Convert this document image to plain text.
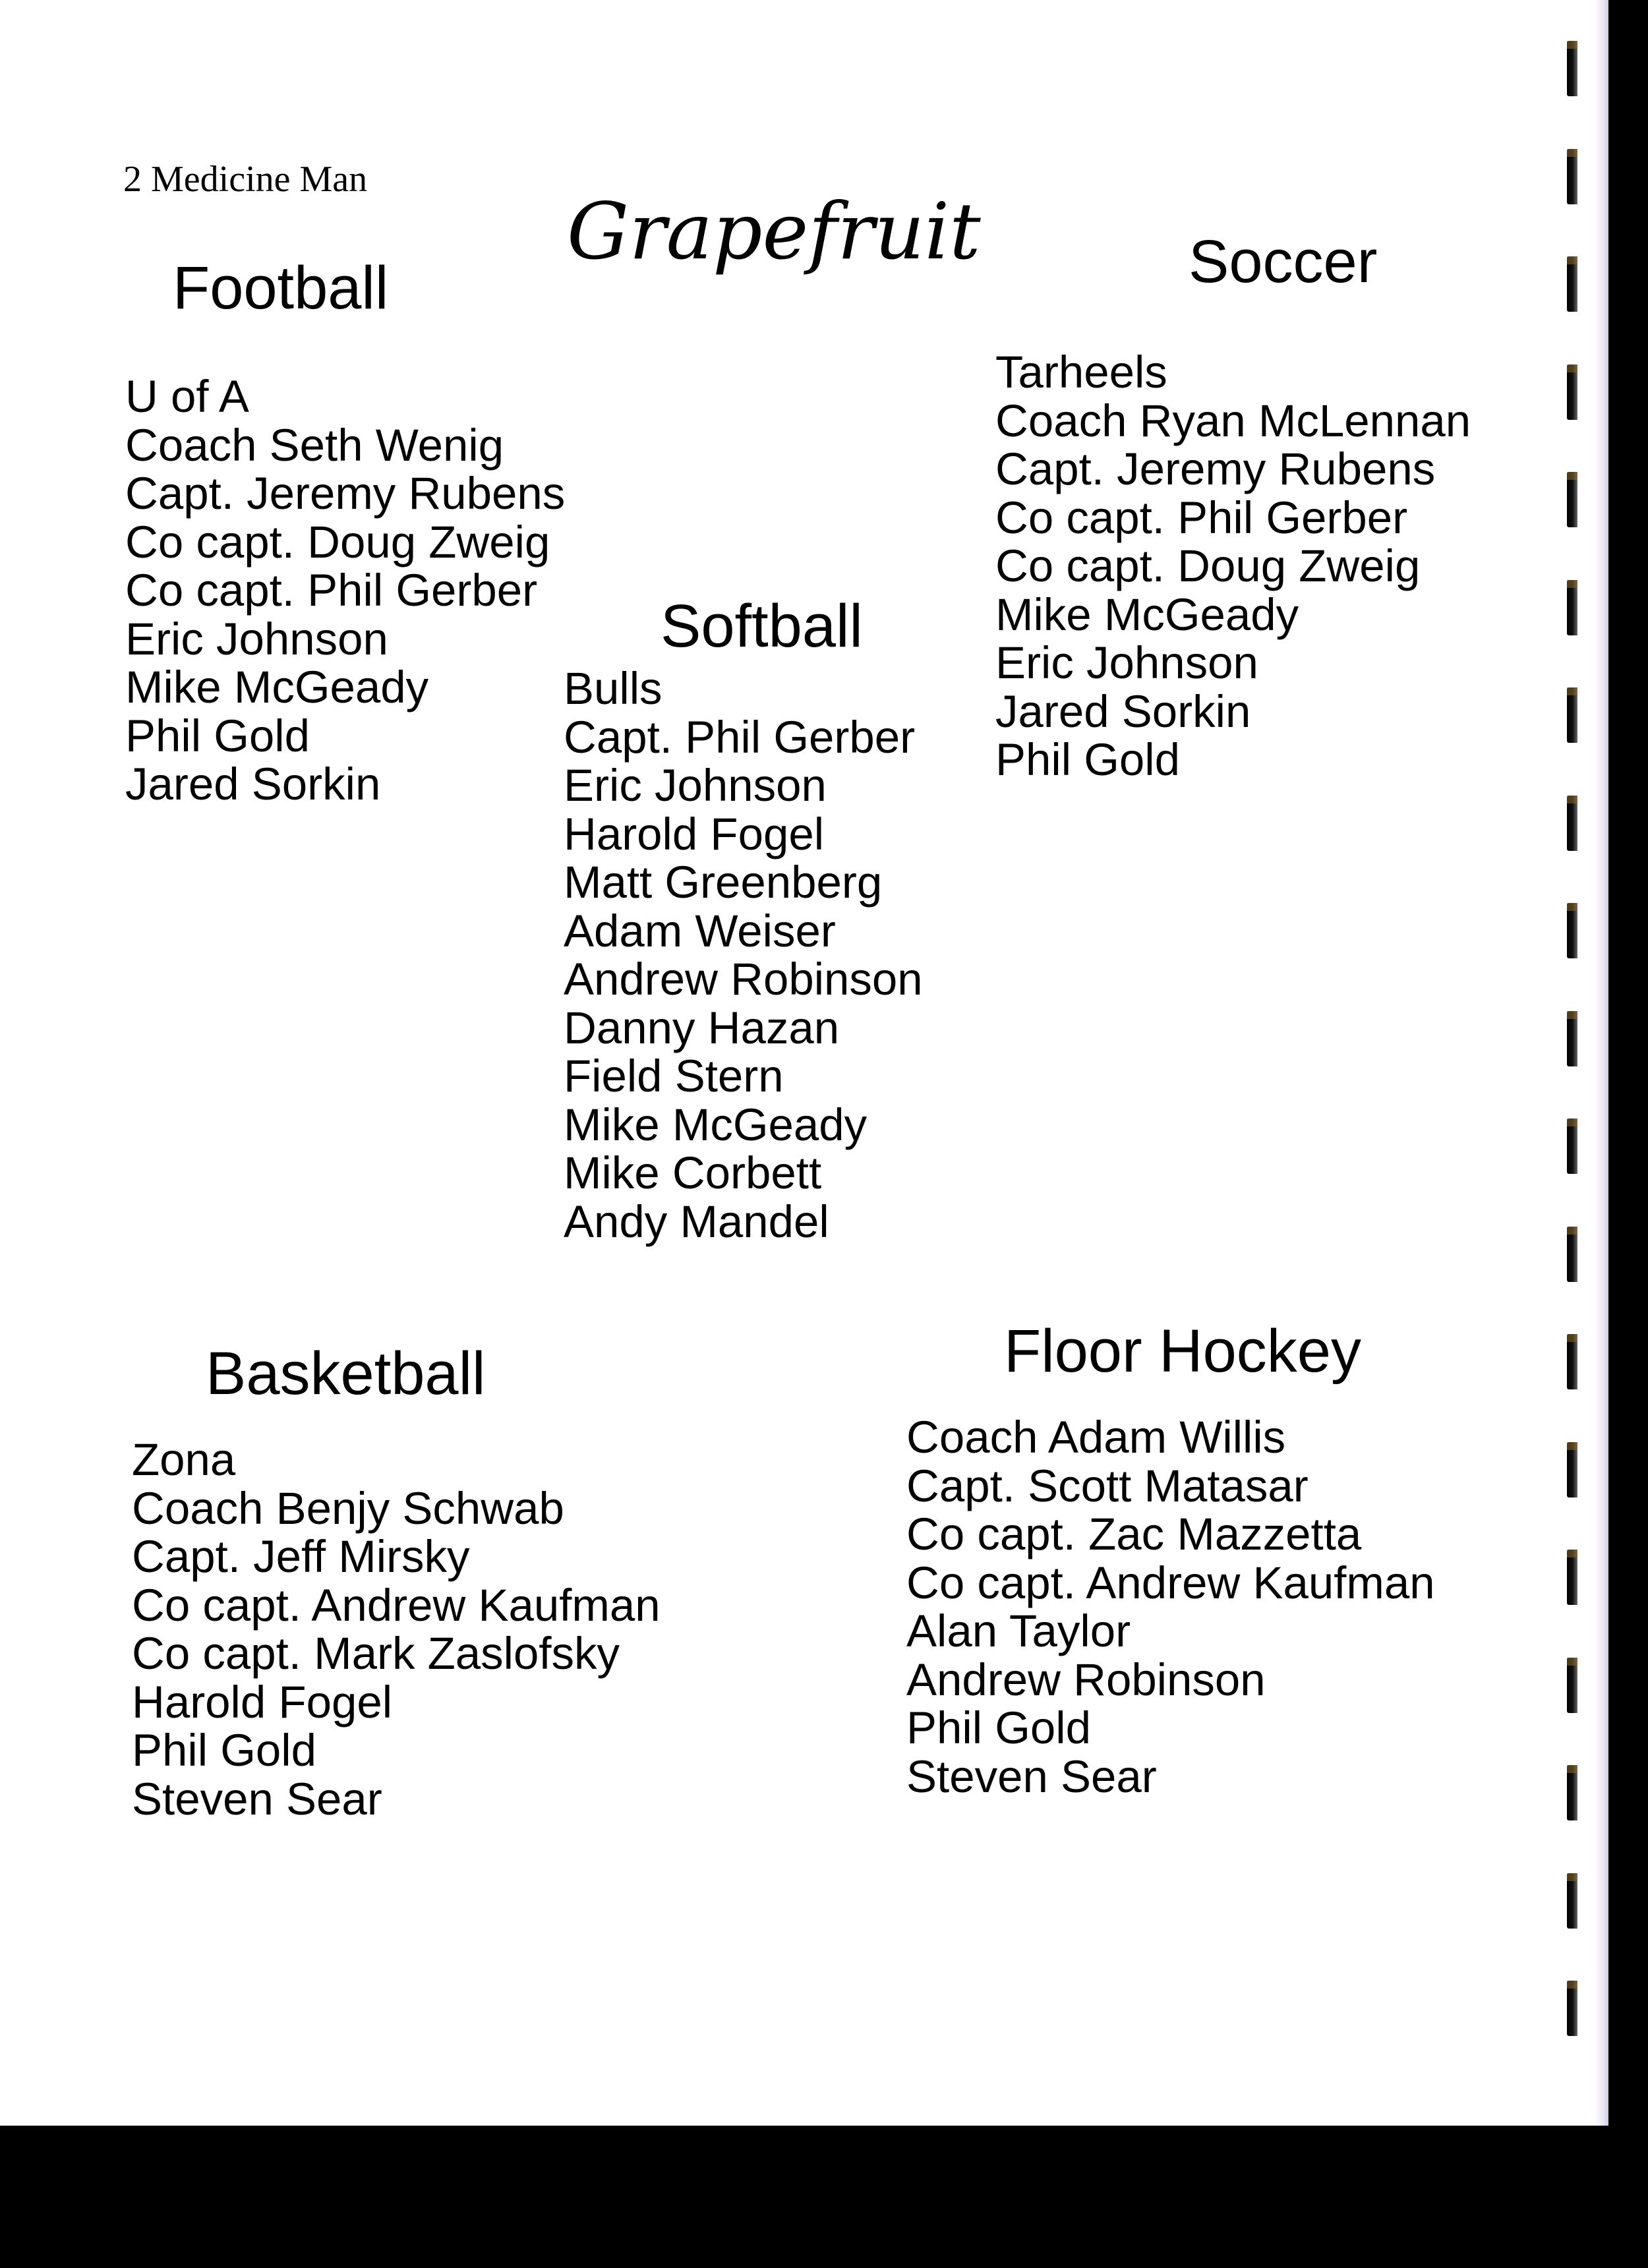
2 Medicine Man
Grapefruit
Football
U of A
Coach Seth Wenig
Capt. Jeremy Rubens
Co capt. Doug Zweig
Co capt. Phil Gerber
Eric Johnson
Mike McGeady
Phil Gold
Jared Sorkin
Soccer
Tarheels
Coach Ryan McLennan
Capt. Jeremy Rubens
Co capt. Phil Gerber
Co capt. Doug Zweig
Mike McGeady
Eric Johnson
Jared Sorkin
Phil Gold
Softball
Bulls
Capt. Phil Gerber
Eric Johnson
Harold Fogel
Matt Greenberg
Adam Weiser
Andrew Robinson
Danny Hazan
Field Stern
Mike McGeady
Mike Corbett
Andy Mandel
Basketball
Zona
Coach Benjy Schwab
Capt. Jeff Mirsky
Co capt. Andrew Kaufman
Co capt. Mark Zaslofsky
Harold Fogel
Phil Gold
Steven Sear
Floor Hockey
Coach Adam Willis
Capt. Scott Matasar
Co capt. Zac Mazzetta
Co capt. Andrew Kaufman
Alan Taylor
Andrew Robinson
Phil Gold
Steven Sear
